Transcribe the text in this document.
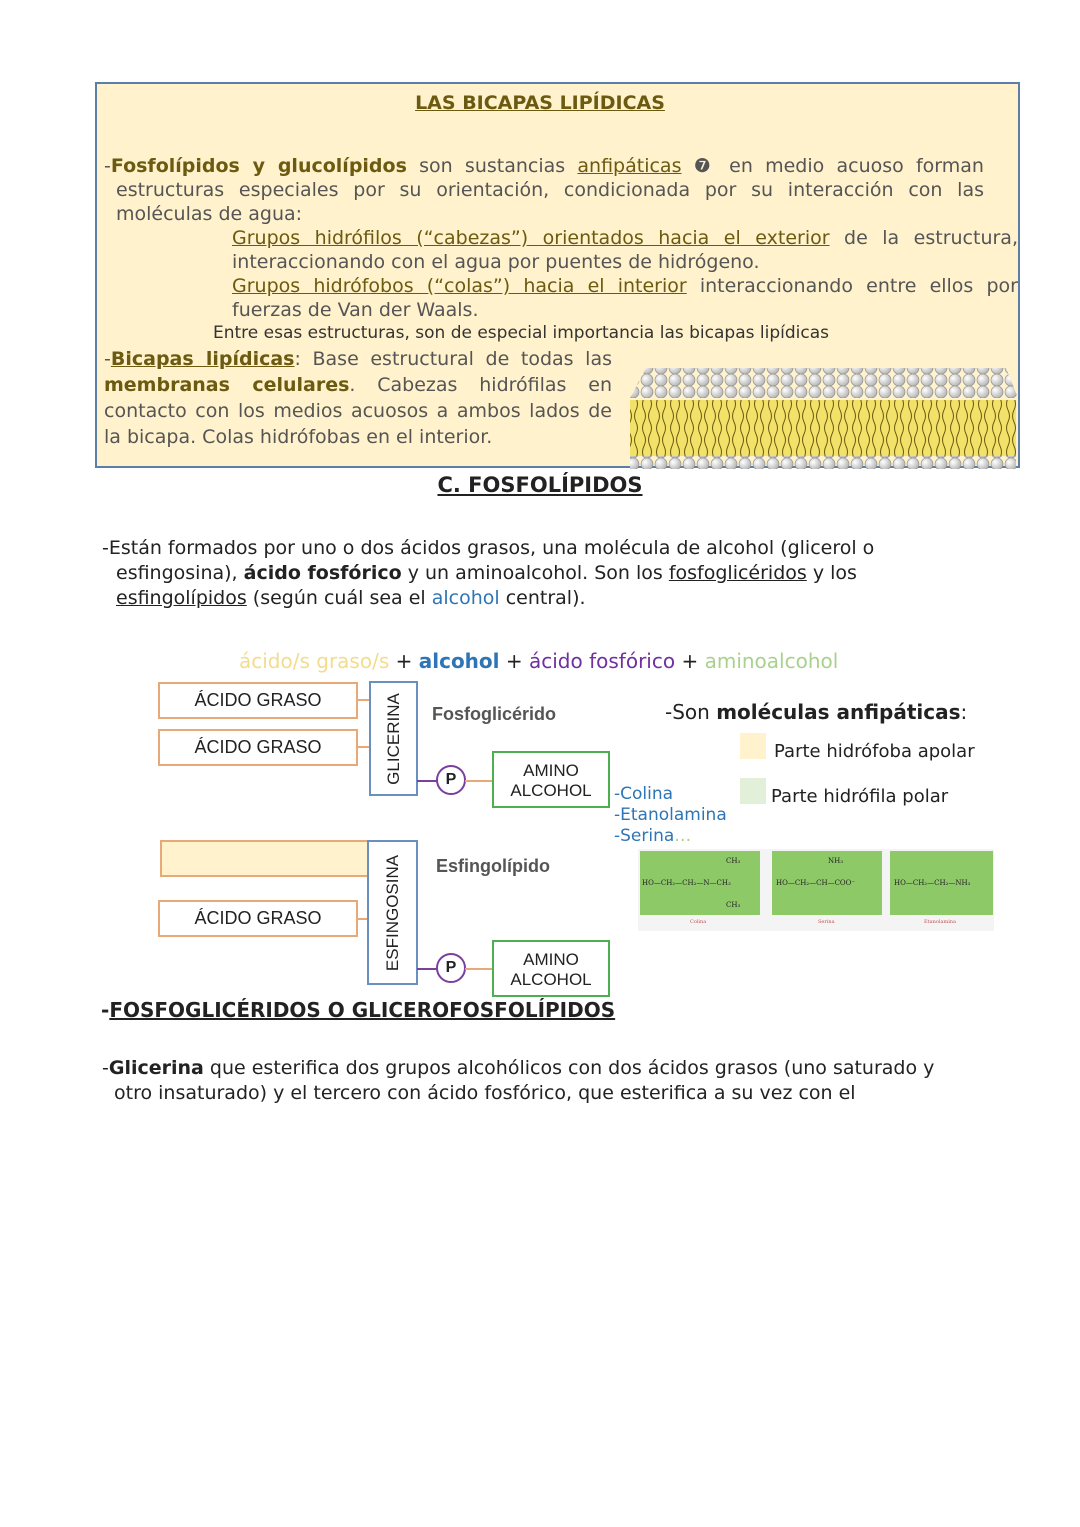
LAS BICAPAS LIPÍDICAS
-Fosfolípidos y glucolípidos son sustancias anfipáticas ❼ en medio acuoso forman
estructuras especiales por su orientación, condicionada por su interacción con las
moléculas de agua:
Grupos hidrófilos (“cabezas”) orientados hacia el exterior de la estructura,
interaccionando con el agua por puentes de hidrógeno.
Grupos hidrófobos (“colas”) hacia el interior interaccionando entre ellos por
fuerzas de Van der Waals.
Entre esas estructuras, son de especial importancia las bicapas lipídicas
-Bicapas lipídicas: Base estructural de todas las
membranas celulares. Cabezas hidrófilas en
contacto con los medios acuosos a ambos lados de
la bicapa. Colas hidrófobas en el interior.
C. FOSFOLÍPIDOS
-Están formados por uno o dos ácidos grasos, una molécula de alcohol (glicerol o
esfingosina), ácido fosfórico y un aminoalcohol. Son los fosfoglicéridos y los
esfingolípidos (según cuál sea el alcohol central).
ácido/s graso/s + alcohol + ácido fosfórico + aminoalcohol
ÁCIDO GRASO
ÁCIDO GRASO	GLICERINA	P	AMINO
ALCOHOL
Fosfoglicérido
-Colina
-Etanolamina
-Serina…
ÁCIDO GRASO	ESFINGOSINA	P	AMINO
ALCOHOL
Esfingolípido
-Son moléculas anfipáticas:
Parte hidrófoba apolar
Parte hidrófila polar
CH₃
HO—CH₂—CH₂—N—CH₃
CH₃
NH₃
HO—CH₂—CH—COO⁻	HO—CH₂—CH₂—NH₃
Colina	Serina	Etanolamina
-FOSFOGLICÉRIDOS O GLICEROFOSFOLÍPIDOS
-Glicerina que esterifica dos grupos alcohólicos con dos ácidos grasos (uno saturado y
otro insaturado) y el tercero con ácido fosfórico, que esterifica a su vez con el
